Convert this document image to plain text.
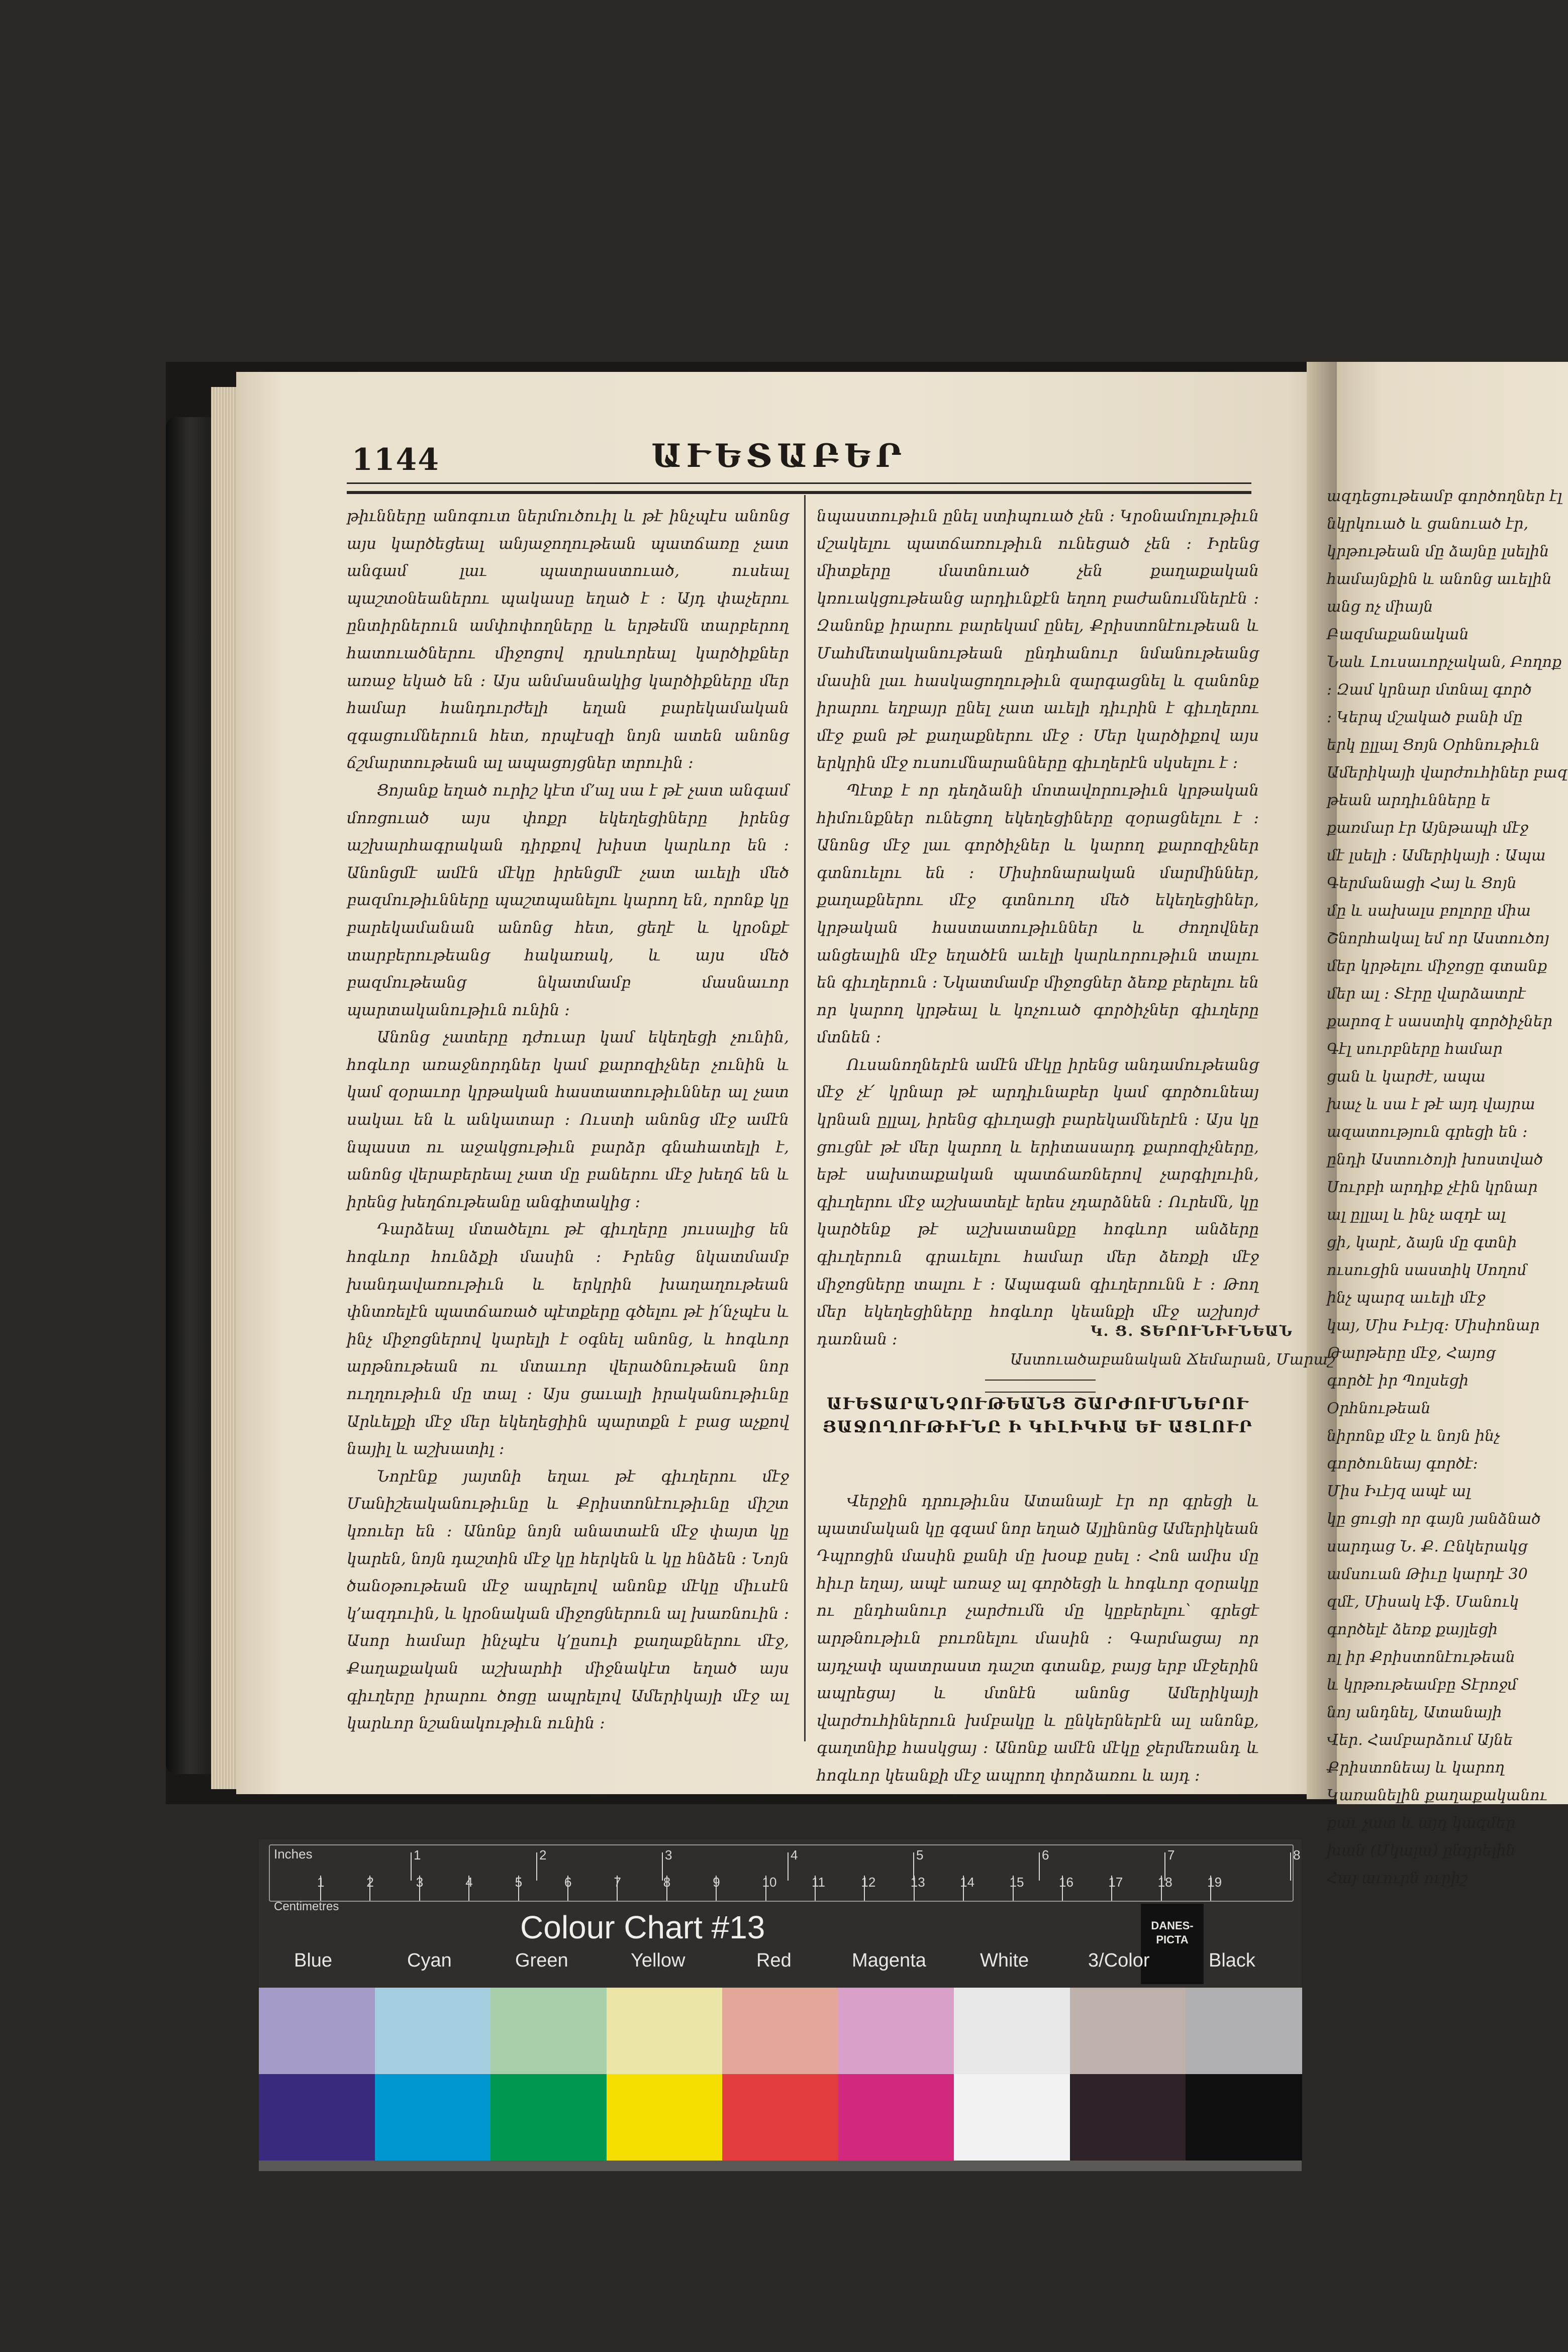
1144	ԱՒԵՏԱԲԵՐ

թիւնները անոգուտ ներմուծուիլ և թէ ինչպէս անոնց այս կարծեցեալ անյաջողութեան պատճառը չատ անգամ լաւ պատրաստուած, ուսեալ պաշտօնեաներու պակասը եղած է ։ Այդ փաչերու ընտիրներուն ամփոփողները և երթեմն տարբերող հատուածներու միջոցով դրսևորեալ կարծիքներ առաջ եկած են ։ Այս անմասնակից կարծիքները մեր համար հանդուրժելի եղան բարեկամական զգացումներուն հետ, որպէսզի նոյն ատեն անոնց ճշմարտութեան ալ ապացոյցներ տրուին ։

Ցոյանք եղած ուրիշ կէտ մ՚ալ սա է թէ չատ անգամ մոռցուած այս փոքր եկեղեցիները իրենց աշխարհագրական դիրքով խիստ կարևոր են ։ Անոնցմէ ամէն մէկը իրենցմէ չատ աւելի մեծ բազմութիւնները պաշտպանելու կարող են, որոնք կը բարեկամանան անոնց հետ, ցեղէ և կրօնքէ տարբերութեանց հակառակ, և այս մեծ բազմութեանց նկատմամբ մասնաւոր պարտականութիւն ունին ։

Անոնց չատերը դժուար կամ եկեղեցի չունին, հոգևոր առաջնորդներ կամ քարոզիչներ չունին և կամ զօրաւոր կրթական հաստատութիւններ ալ չատ սակաւ են և անկատար ։ Ուստի անոնց մէջ ամէն նպաստ ու աջակցութիւն բարձր գնահատելի է, անոնց վերաբերեալ չատ մը բաներու մէջ խեղճ են և իրենց խեղճութեանը անգիտակից ։

Դարձեալ մտածելու թէ գիւղերը յուսալից են հոգևոր հունձքի մասին ։ Իրենց նկատմամբ խանդավառութիւն և երկրին խաղաղութեան փնտռելէն պատճառած պէտքերը գծելու թէ ի՛նչպէս և ինչ միջոցներով կարելի է օգնել անոնց, և հոգևոր արթնութեան ու մտաւոր վերածնութեան նոր ուղղութիւն մը տալ ։ Այս ցաւալի իրականութիւնը Արևելքի մէջ մեր եկեղեցիին պարտքն է բաց աչքով նայիլ և աշխատիլ ։

Նորէնք յայտնի եղաւ թէ գիւղերու մէջ Մանիշեականութիւնը և Քրիստոնէութիւնը միշտ կռուեր են ։ Անոնք նոյն անատաէն մէջ փայտ կը կարեն, նոյն դաշտին մէջ կը հերկեն և կը հնձեն ։ Նոյն ծանօթութեան մէջ ապրելով անոնք մէկը միւսէն կ՚ազդուին, և կրօնական միջոցներուն ալ խառնուին ։ Ասոր համար ինչպէս կ՚ըսուի քաղաքներու մէջ, Քաղաքական աշխարհի միջնակէտ եղած այս գիւղերը իրարու ծոցը ապրելով Ամերիկայի մէջ ալ կարևոր նշանակութիւն ունին ։

նպաստութիւն ընել ստիպուած չեն ։ Կրօնամոլութիւն մշակելու պատճառութիւն ունեցած չեն ։ Իրենց միտքերը մատնուած չեն քաղաքական կռուակցութեանց արդիւնքէն եղող բաժանումներէն ։ Զանոնք իրարու բարեկամ ընել, Քրիստոնէութեան և Մահմետականութեան ընդհանուր նմանութեանց մասին լաւ հասկացողութիւն զարգացնել և զանոնք իրարու եղբայր ընել չատ աւելի դիւրին է գիւղերու մէջ քան թէ քաղաքներու մէջ ։ Մեր կարծիքով այս երկրին մէջ ուսումնարանները գիւղերէն սկսելու է ։

Պէտք է որ դեղձանի մոտավորութիւն կրթական հիմունքներ ունեցող եկեղեցիները զօրացնելու է ։ Անոնց մէջ լաւ գործիչներ և կարող քարոզիչներ գտնուելու են ։ Միսիոնարական մարմիններ, քաղաքներու մէջ գտնուող մեծ եկեղեցիներ, կրթական հաստատութիւններ և ժողովներ անցեալին մէջ եղածէն աւելի կարևորութիւն տալու են գիւղերուն ։ Նկատմամբ միջոցներ ձեռք բերելու են որ կարող կրթեալ և կոչուած գործիչներ գիւղերը մտնեն ։

Ուսանողներէն ամէն մէկը իրենց անդամութեանց մէջ չէ՛ կրնար թէ արդիւնաբեր կամ գործունեայ կրնան ըլլալ, իրենց գիւղացի բարեկամներէն ։ Այս կը ցուցնէ թէ մեր կարող և երիտասարդ քարոզիչները, եթէ սախտաքական պատճառներով չարգիլուին, գիւղերու մէջ աշխատելէ երես չդարձնեն ։ Ուրեմն, կը կարծենք թէ աշխատանքը հոգևոր անձերը գիւղերուն գրաւելու համար մեր ձեռքի մէջ միջոցները տալու է ։ Ապագան գիւղերունն է ։ Թող մեր եկեղեցիները հոգևոր կեանքի մէջ աշխոյժ դառնան ։	Կ. Ց. ՏԵՐՈՒՆԻՒՆԵԱՆ
Աստուածաբանական Ճեմարան, Մարաշ
ԱՒԵՏԱՐԱՆՉՈՒԹԵԱՆՑ ՇԱՐԺՈՒՄՆԵՐՈՒ ՅԱՋՈՂՈՒԹԻՒՆԸ Ի ԿԻԼԻԿԻԱ ԵՒ ԱՑԼՈՒՐ

Վերջին դրութիւնս Ատանայէ էր որ գրեցի և պատմական կը գզամ նոր եղած Այլինոնց Ամերիկեան Դպրոցին մասին քանի մը խօսք ըսել ։ Հոն ամիս մը հիւր եղայ, ապէ առաջ ալ գործեցի և հոգևոր զօրակը ու ընդհանուր չարժումն մը կըբերելու՝ գրեցէ արթնութիւն բուռնելու մասին ։ Գարմացայ որ այդչափ պատրաստ դաշտ գտանք, բայց երբ մէջերին ապրեցայ և մտնէն անոնց Ամերիկայի վարժուհիներուն խմբակը և ընկերներէն ալ անոնք, գաղտնիք հասկցայ ։ Անոնք ամէն մէկը ջերմեռանդ և հոգևոր կեանքի մէջ ապրող փորձառու և այդ ։

ազդեցութեամբ գործողներ էլ
նկրկուած և ցանուած էր,
կրթութեան մը ձայնը լսելին
համայնքին և անոնց աւելին
անց ոչ միայն Բազմաքանական
Նաև Լուսաւորչական, Բողոք
։ Զամ կրնար մտնալ գործ
։ Կերպ մշակած բանի մը
երկ ըլլալ Ցոյն Օրհնութիւն
Ամերիկայի վարժուհիներ բազ
թեան արդիւնները ե
քառմար էր Այնթապի մէջ
մէ լսելի ։ Ամերիկայի ։ Ապա
Գերմանացի Հայ և Ցոյն
մը և սախալս բոլորը միա
Շնորհակալ եմ որ Աստուծոյ
մեր կրթելու միջոցը գտանք
մեր ալ ։ Տէրը վարձատրէ
քարոզ է սաստիկ գործիչներ
Գէլ սուրբները համար
ցան և կարժէ, ապա
խաչ և սա է թէ այդ վայրա
ազատություն գրեցի են ։
ընդի Աստուծոյի խոստված
Սուրբի արդիք չէին կրնար
ալ ըլլալ և ինչ ազդէ ալ
ցի, կարէ, ձայն մը գտնի
ուսուցին սաստիկ Սողոմ
ինչ պարզ աւելի մէջ
կայ, Միս Իւէյզ։ Միսիոնար
Թարթերը մէջ, Հայոց
գործէ իր Պոլսեցի Օրհնութեան
նիրոնք մէջ և նոյն ինչ
գործունեայ գործէ։
Միս Իւէյզ ապէ ալ
կը ցուցի որ գայն յանձնած
սարդաց Ն. Ք. Ընկերակց
ամսուան Թիւը կարդէ 30
զմէ, Միսակ էֆ. Մանուկ
գործելէ ձեռք քայլեցի
ոլ իր Քրիստոնէութեան
և կրթութեամբը Տէրոջմ
նոյ անդնել, Ատանայի
Վեր. Համբարձում Այնե
Քրիստոնեայ և կարող
Կառանելին քաղաքականու
քաւ չատ և այդ կազմեր
խան (Մկալա) ընդրելին
Հայ աւուրն ուրիշ
1	2	3	4	5	6	7	8
1	2	3	4	5	6	7	8	9	10	11	12	13	14	15	16	17	18	19
Inches
Centimetres
Colour Chart #13	DANES-PICTA
Blue	Cyan	Green	Yellow	Red	Magenta	White	3/Color	Black
